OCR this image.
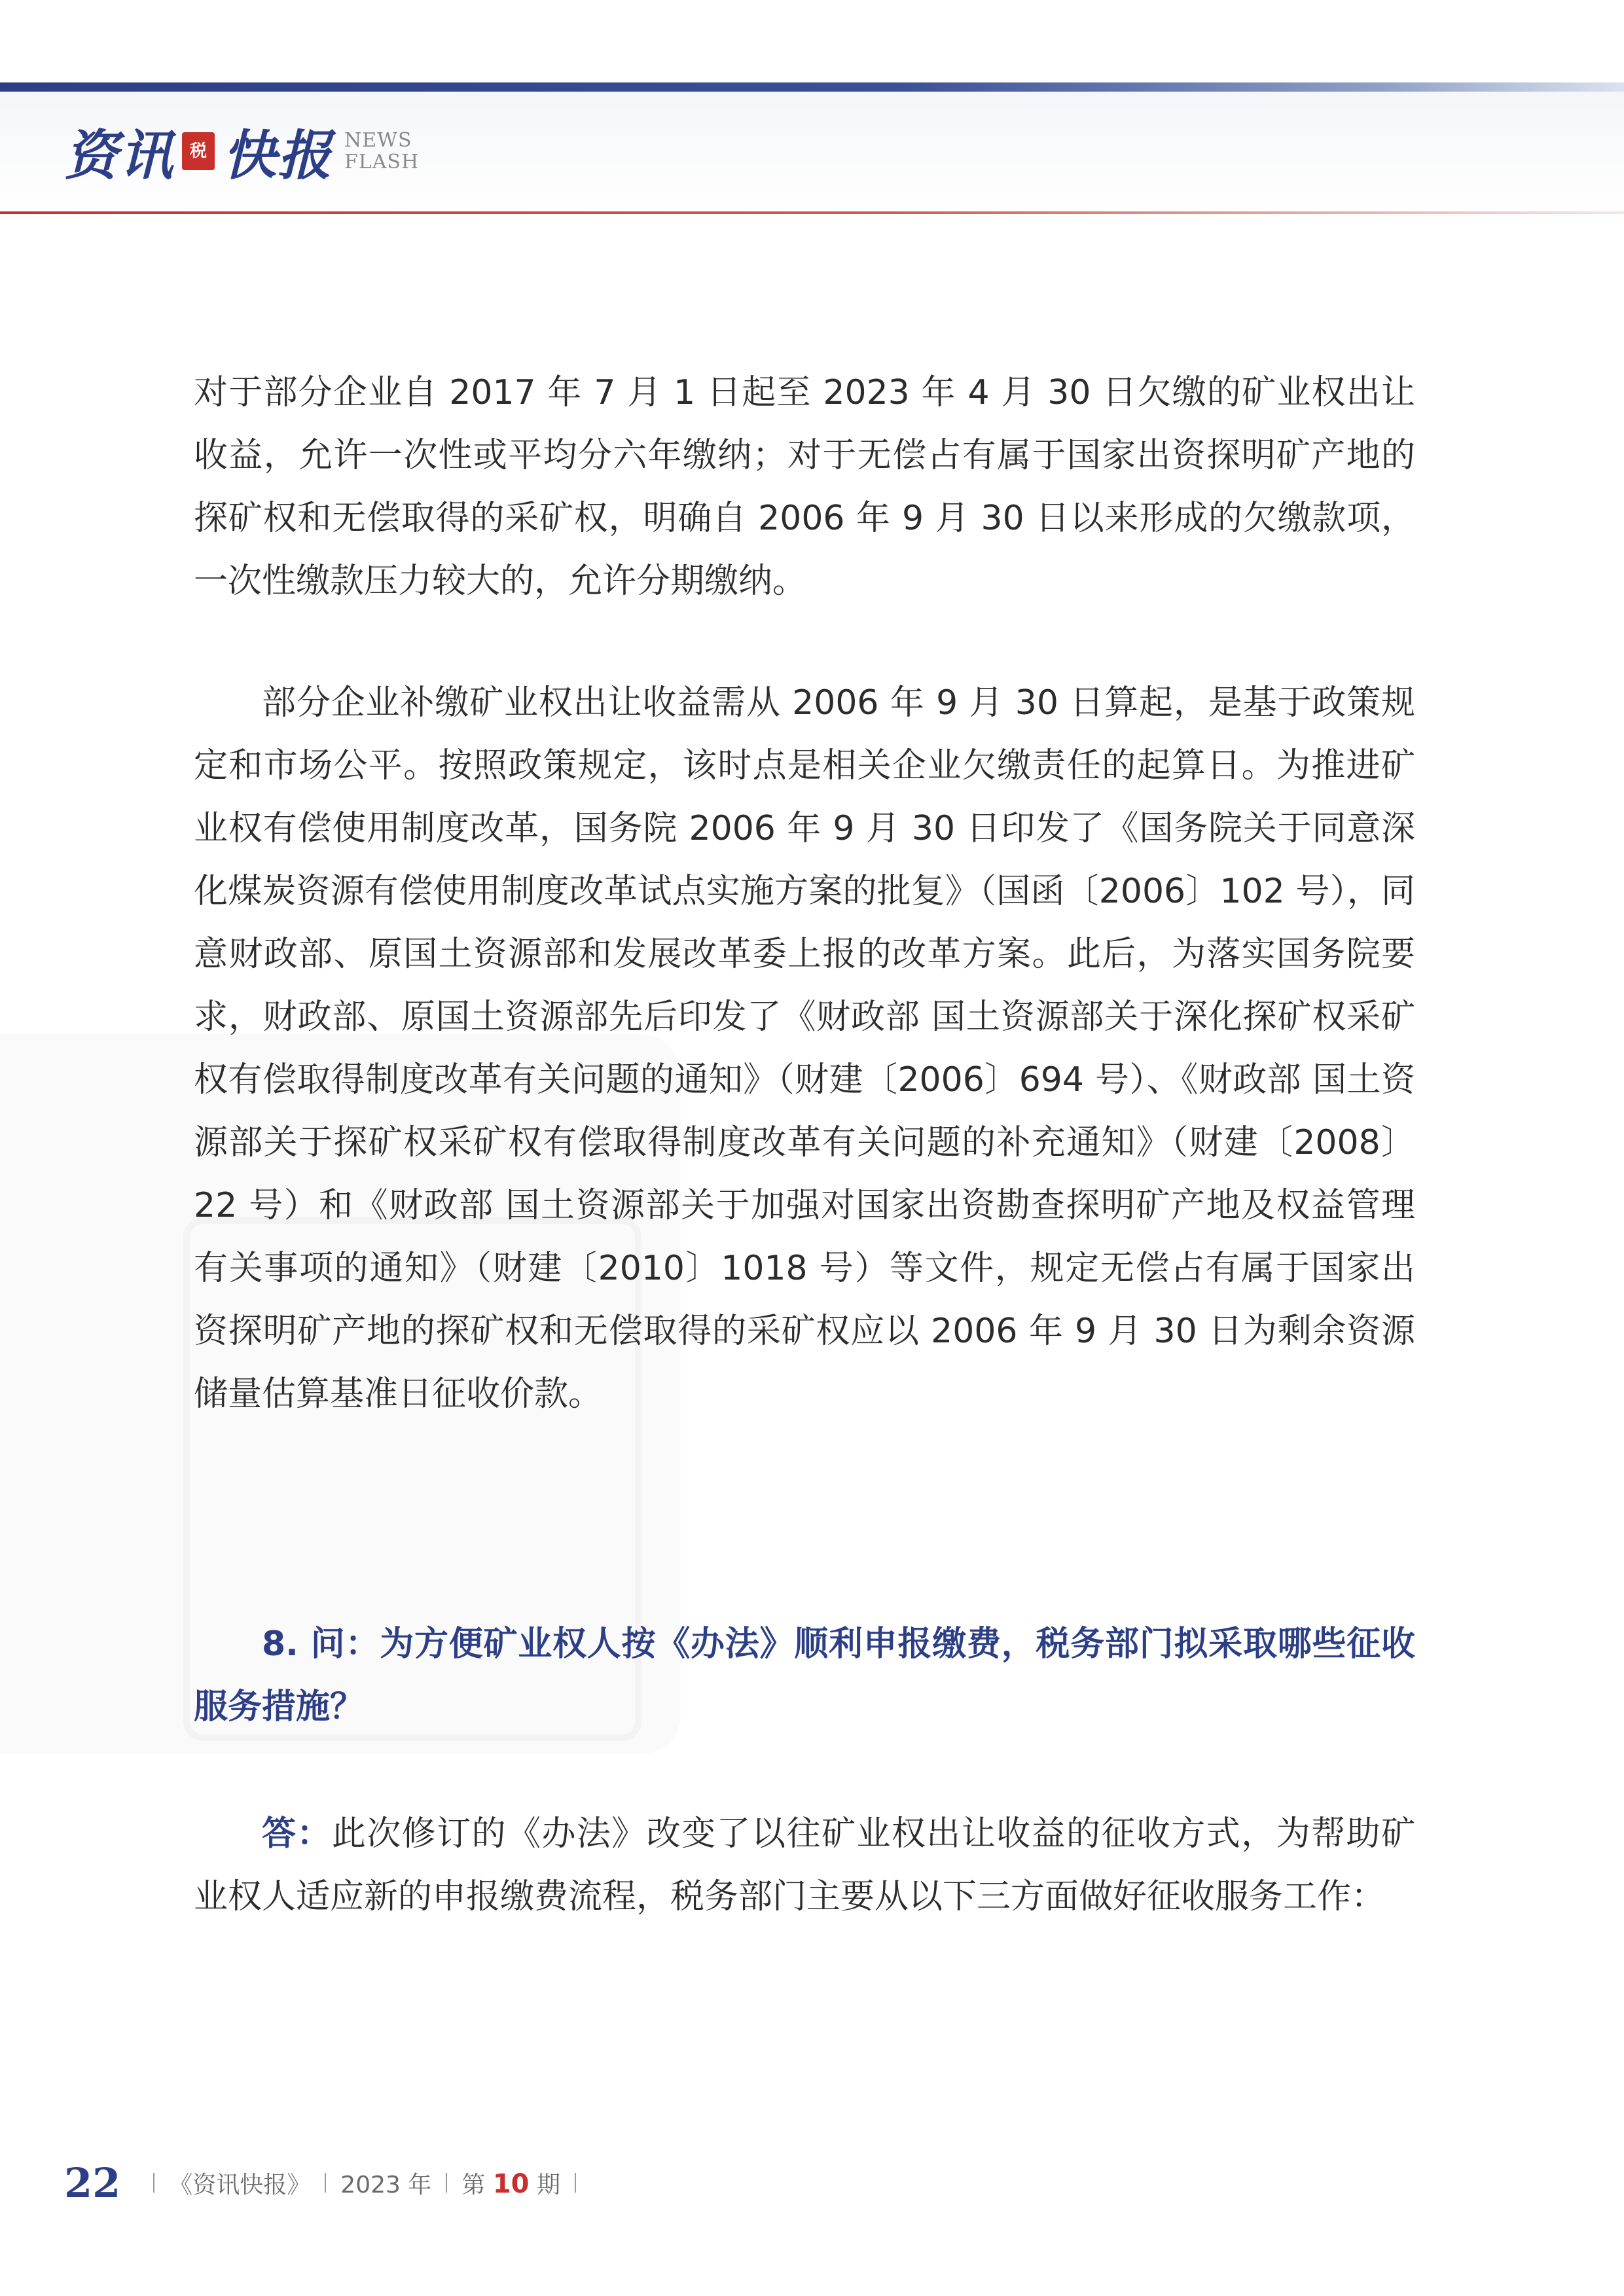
资讯 税 快报 NEWS
FLASH

对于部分企业自 2017 年 7 月 1 日起至 2023 年 4 月 30 日欠缴的矿业权出让收益，允许一次性或平均分六年缴纳；对于无偿占有属于国家出资探明矿产地的探矿权和无偿取得的采矿权，明确自 2006 年 9 月 30 日以来形成的欠缴款项，一次性缴款压力较大的，允许分期缴纳。

部分企业补缴矿业权出让收益需从 2006 年 9 月 30 日算起，是基于政策规定和市场公平。按照政策规定，该时点是相关企业欠缴责任的起算日。为推进矿业权有偿使用制度改革，国务院 2006 年 9 月 30 日印发了《国务院关于同意深化煤炭资源有偿使用制度改革试点实施方案的批复》（国函〔2006〕102 号），同意财政部、原国土资源部和发展改革委上报的改革方案。此后，为落实国务院要求，财政部、原国土资源部先后印发了《财政部 国土资源部关于深化探矿权采矿权有偿取得制度改革有关问题的通知》（财建〔2006〕694 号）、《财政部 国土资源部关于探矿权采矿权有偿取得制度改革有关问题的补充通知》（财建〔2008〕22 号）和《财政部 国土资源部关于加强对国家出资勘查探明矿产地及权益管理有关事项的通知》（财建〔2010〕1018 号）等文件，规定无偿占有属于国家出资探明矿产地的探矿权和无偿取得的采矿权应以 2006 年 9 月 30 日为剩余资源储量估算基准日征收价款。

8. 问：为方便矿业权人按《办法》顺利申报缴费，税务部门拟采取哪些征收服务措施？

答：此次修订的《办法》改变了以往矿业权出让收益的征收方式，为帮助矿业权人适应新的申报缴费流程，税务部门主要从以下三方面做好征收服务工作：

22 《资讯快报》 2023 年 第 10 期
